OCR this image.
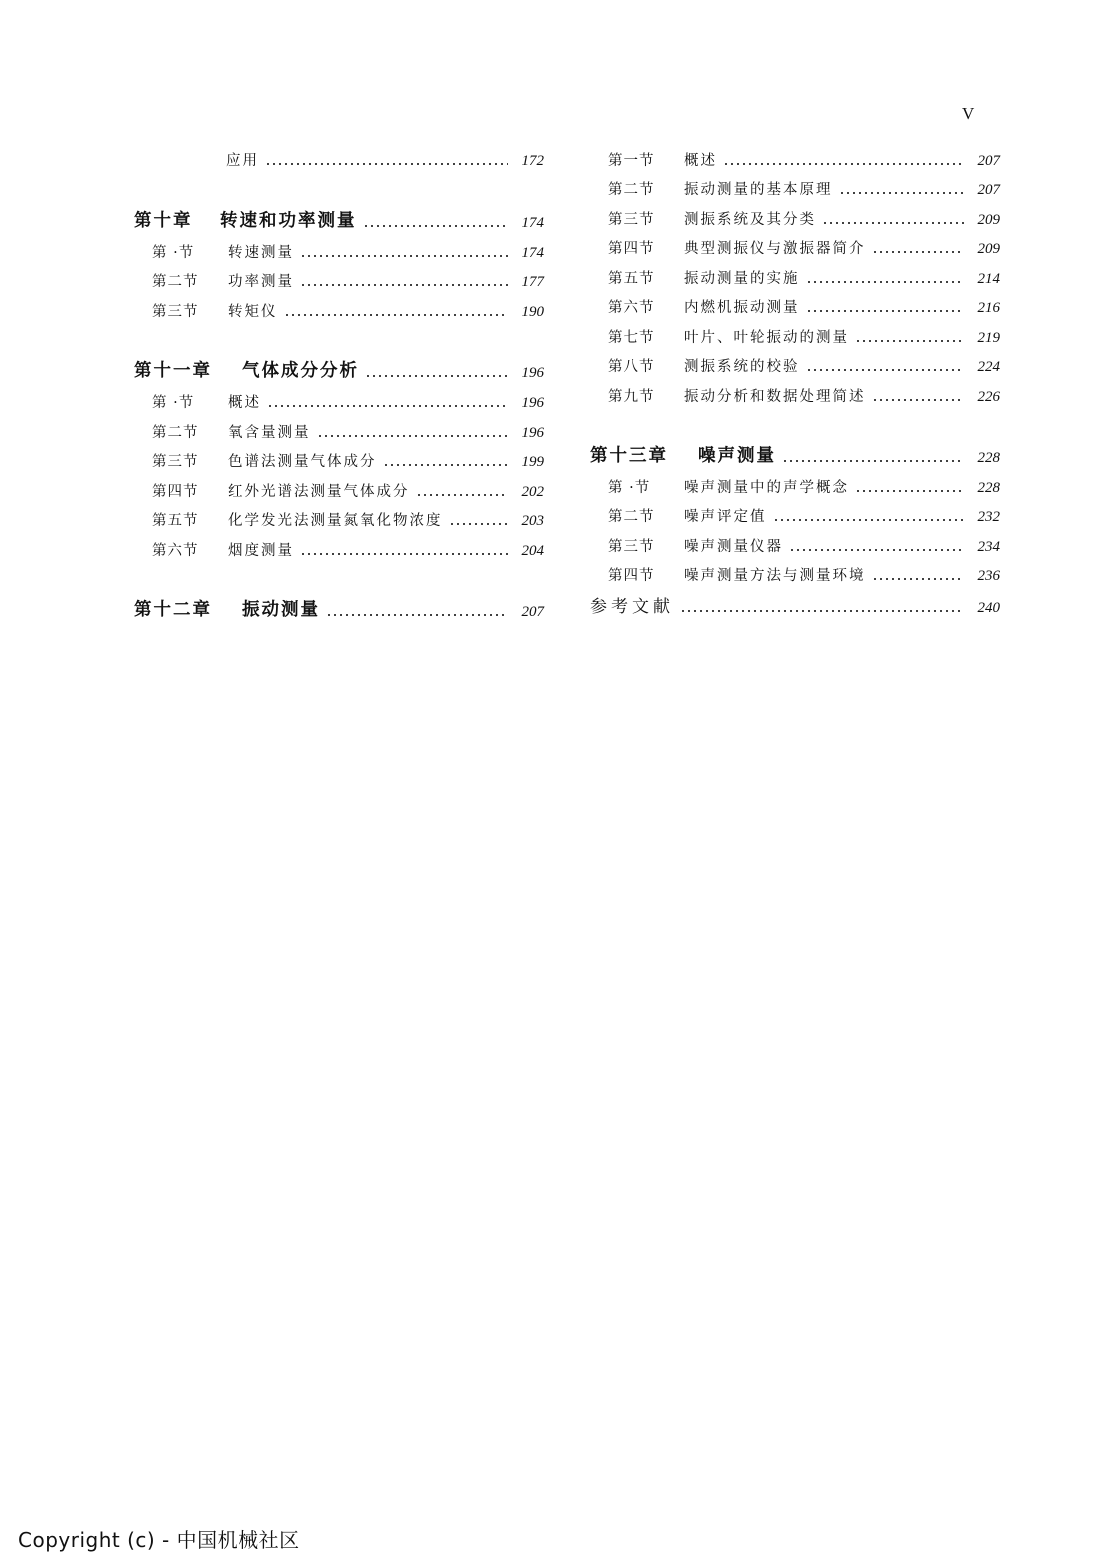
V
应用	172
第十章	转速和功率测量	174
第 ·节	转速测量	174
第二节	功率测量	177
第三节	转矩仪	190
第十一章	气体成分分析	196
第 ·节	概述	196
第二节	氧含量测量	196
第三节	色谱法测量气体成分	199
第四节	红外光谱法测量气体成分	202
第五节	化学发光法测量氮氧化物浓度	203
第六节	烟度测量	204
第十二章	振动测量	207
第一节	概述	207
第二节	振动测量的基本原理	207
第三节	测振系统及其分类	209
第四节	典型测振仪与激振器简介	209
第五节	振动测量的实施	214
第六节	内燃机振动测量	216
第七节	叶片、叶轮振动的测量	219
第八节	测振系统的校验	224
第九节	振动分析和数据处理简述	226
第十三章	噪声测量	228
第 ·节	噪声测量中的声学概念	228
第二节	噪声评定值	232
第三节	噪声测量仪器	234
第四节	噪声测量方法与测量环境	236
参考文献	240
Copyright (c) - 中国机械社区
